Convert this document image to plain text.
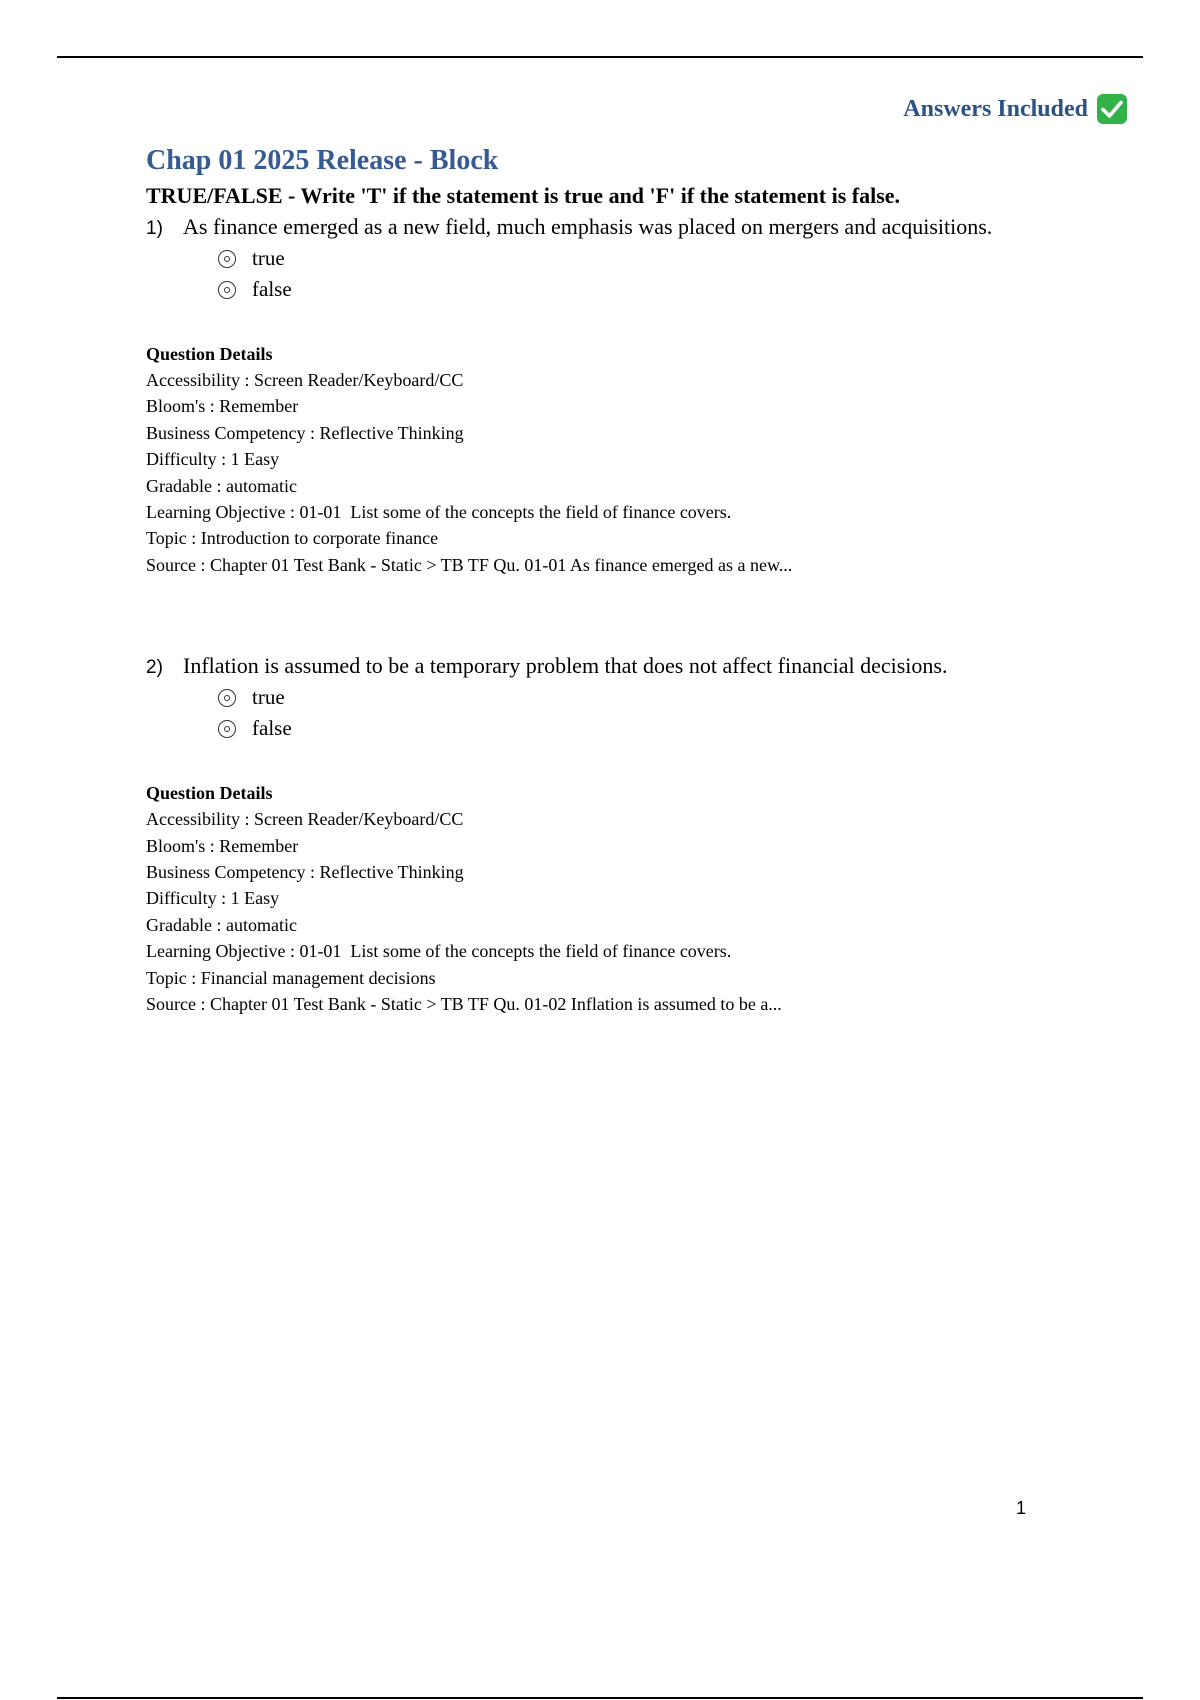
Answers Included
Chap 01 2025 Release - Block
TRUE/FALSE - Write 'T' if the statement is true and 'F' if the statement is false.
1) As finance emerged as a new field, much emphasis was placed on mergers and acquisitions.
true
false
Question Details
Accessibility : Screen Reader/Keyboard/CC
Bloom's : Remember
Business Competency : Reflective Thinking
Difficulty : 1 Easy
Gradable : automatic
Learning Objective : 01-01  List some of the concepts the field of finance covers.
Topic : Introduction to corporate finance
Source : Chapter 01 Test Bank - Static > TB TF Qu. 01-01 As finance emerged as a new...
2) Inflation is assumed to be a temporary problem that does not affect financial decisions.
true
false
Question Details
Accessibility : Screen Reader/Keyboard/CC
Bloom's : Remember
Business Competency : Reflective Thinking
Difficulty : 1 Easy
Gradable : automatic
Learning Objective : 01-01  List some of the concepts the field of finance covers.
Topic : Financial management decisions
Source : Chapter 01 Test Bank - Static > TB TF Qu. 01-02 Inflation is assumed to be a...
1
